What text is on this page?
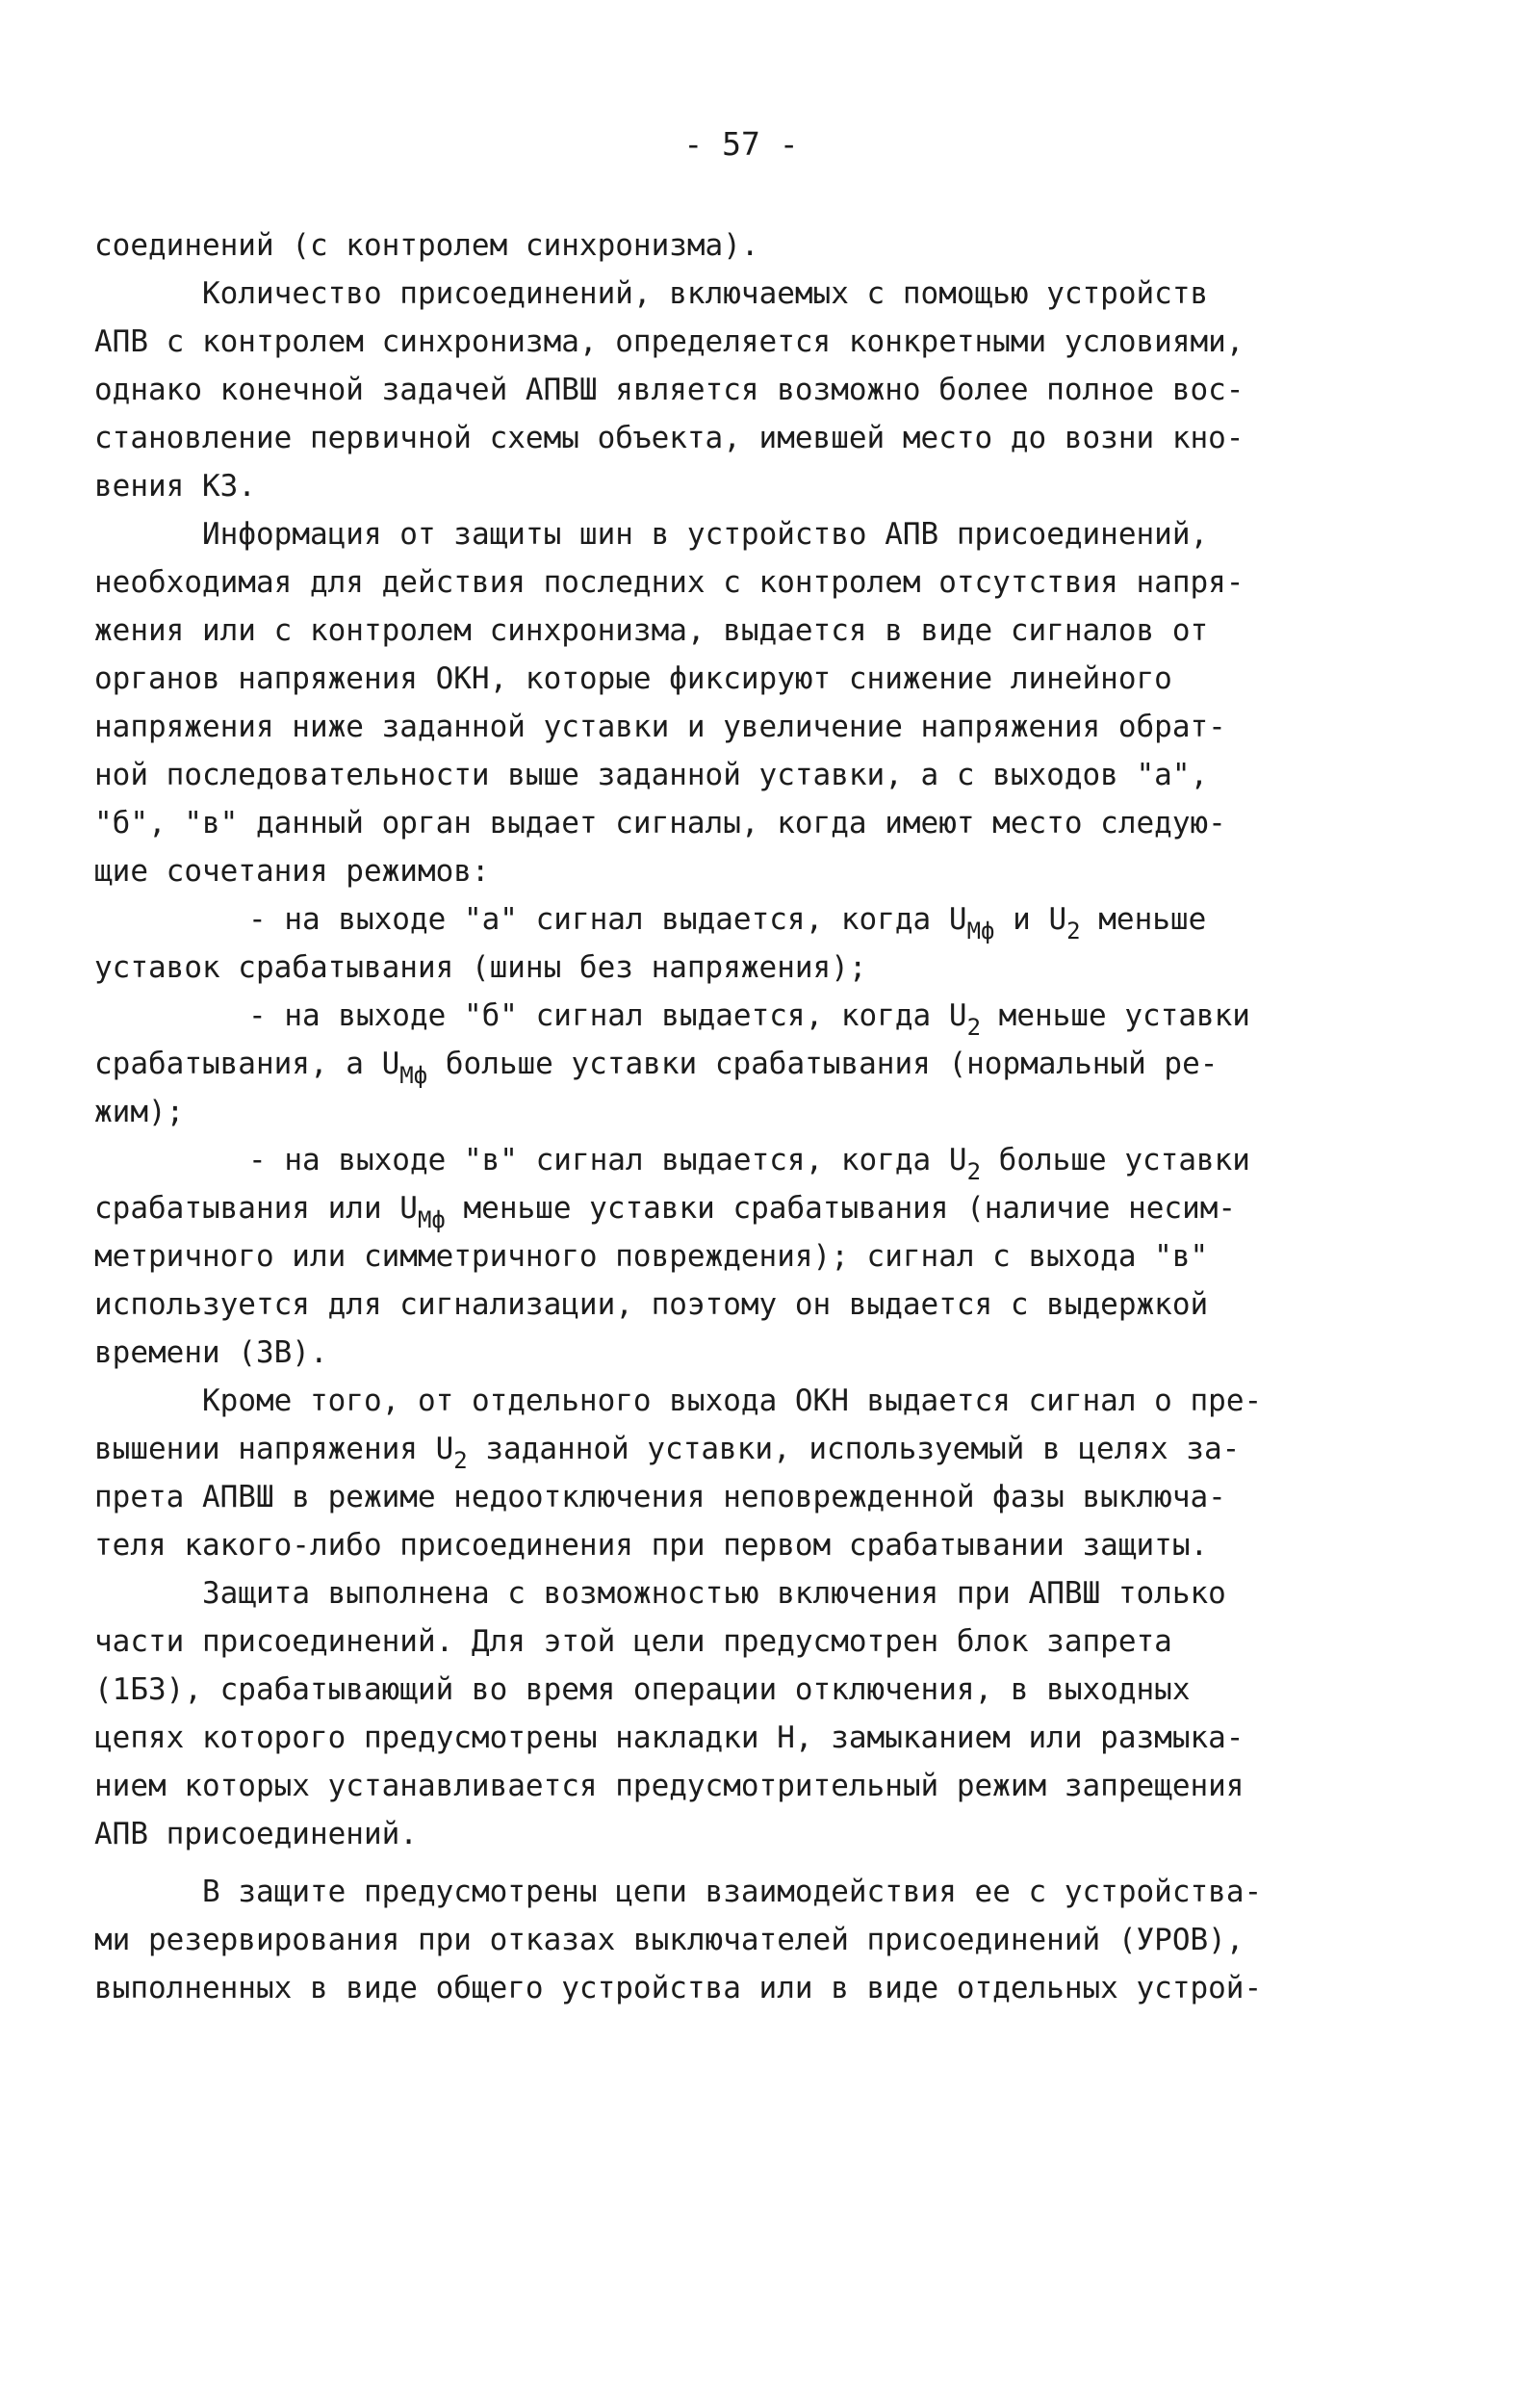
- 57 -
соединений (с контролем синхронизма).
Количество присоединений, включаемых с помощью устройств
АПВ с контролем синхронизма, определяется конкретными условиями,
однако конечной задачей АПВШ является возможно более полное вос-
становление первичной схемы объекта, имевшей место до возни кно-
вения КЗ.
Информация от защиты шин в устройство АПВ присоединений,
необходимая для действия последних с контролем отсутствия напря-
жения или с контролем синхронизма, выдается в виде сигналов от
органов напряжения ОКН, которые фиксируют снижение линейного
напряжения ниже заданной уставки и увеличение напряжения обрат-
ной последовательности выше заданной уставки, а с выходов "а",
"б", "в" данный орган выдает сигналы, когда имеют место следую-
щие сочетания режимов:
- на выходе "а" сигнал выдается, когда $U_{Мф}$ и $U_2$ меньше
уставок срабатывания (шины без напряжения);
- на выходе "б" сигнал выдается, когда $U_2$ меньше уставки
срабатывания, а $U_{Мф}$ больше уставки срабатывания (нормальный ре-
жим);
- на выходе "в" сигнал выдается, когда $U_2$ больше уставки
срабатывания или $U_{Мф}$ меньше уставки срабатывания (наличие несим-
метричного или симметричного повреждения); сигнал с выхода "в"
используется для сигнализации, поэтому он выдается с выдержкой
времени (3В).
Кроме того, от отдельного выхода ОКН выдается сигнал о пре-
вышении напряжения $U_2$ заданной уставки, используемый в целях за-
прета АПВШ в режиме недоотключения неповрежденной фазы выключа-
теля какого-либо присоединения при первом срабатывании защиты.
Защита выполнена с возможностью включения при АПВШ только
части присоединений. Для этой цели предусмотрен блок запрета
(1БЗ), срабатывающий во время операции отключения, в выходных
цепях которого предусмотрены накладки Н, замыканием или размыка-
нием которых устанавливается предусмотрительный режим запрещения
АПВ присоединений.
В защите предусмотрены цепи взаимодействия ее с устройства-
ми резервирования при отказах выключателей присоединений (УРОВ),
выполненных в виде общего устройства или в виде отдельных устрой-
